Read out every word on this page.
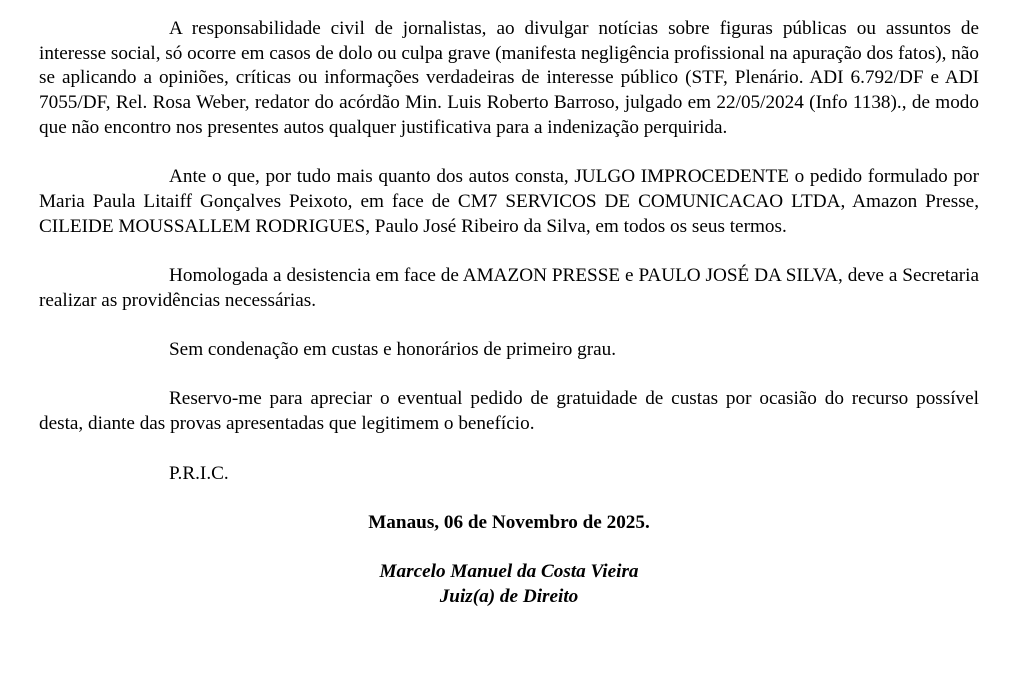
A responsabilidade civil de jornalistas, ao divulgar notícias sobre figuras públicas ou assuntos de interesse social, só ocorre em casos de dolo ou culpa grave (manifesta negligência profissional na apuração dos fatos), não se aplicando a opiniões, críticas ou informações verdadeiras de interesse público (STF, Plenário. ADI 6.792/DF e ADI 7055/DF, Rel. Rosa Weber, redator do acórdão Min. Luis Roberto Barroso, julgado em 22/05/2024 (Info 1138)., de modo que não encontro nos presentes autos qualquer justificativa para a indenização perquirida.

Ante o que, por tudo mais quanto dos autos consta, JULGO IMPROCEDENTE o pedido formulado por Maria Paula Litaiff Gonçalves Peixoto, em face de CM7 SERVICOS DE COMUNICACAO LTDA, Amazon Presse, CILEIDE MOUSSALLEM RODRIGUES, Paulo José Ribeiro da Silva, em todos os seus termos.

Homologada a desistencia em face de AMAZON PRESSE e PAULO JOSÉ DA SILVA, deve a Secretaria realizar as providências necessárias.

Sem condenação em custas e honorários de primeiro grau.

Reservo-me para apreciar o eventual pedido de gratuidade de custas por ocasião do recurso possível desta, diante das provas apresentadas que legitimem o benefício.

P.R.I.C.

Manaus, 06 de Novembro de 2025.

Marcelo Manuel da Costa Vieira
Juiz(a) de Direito
